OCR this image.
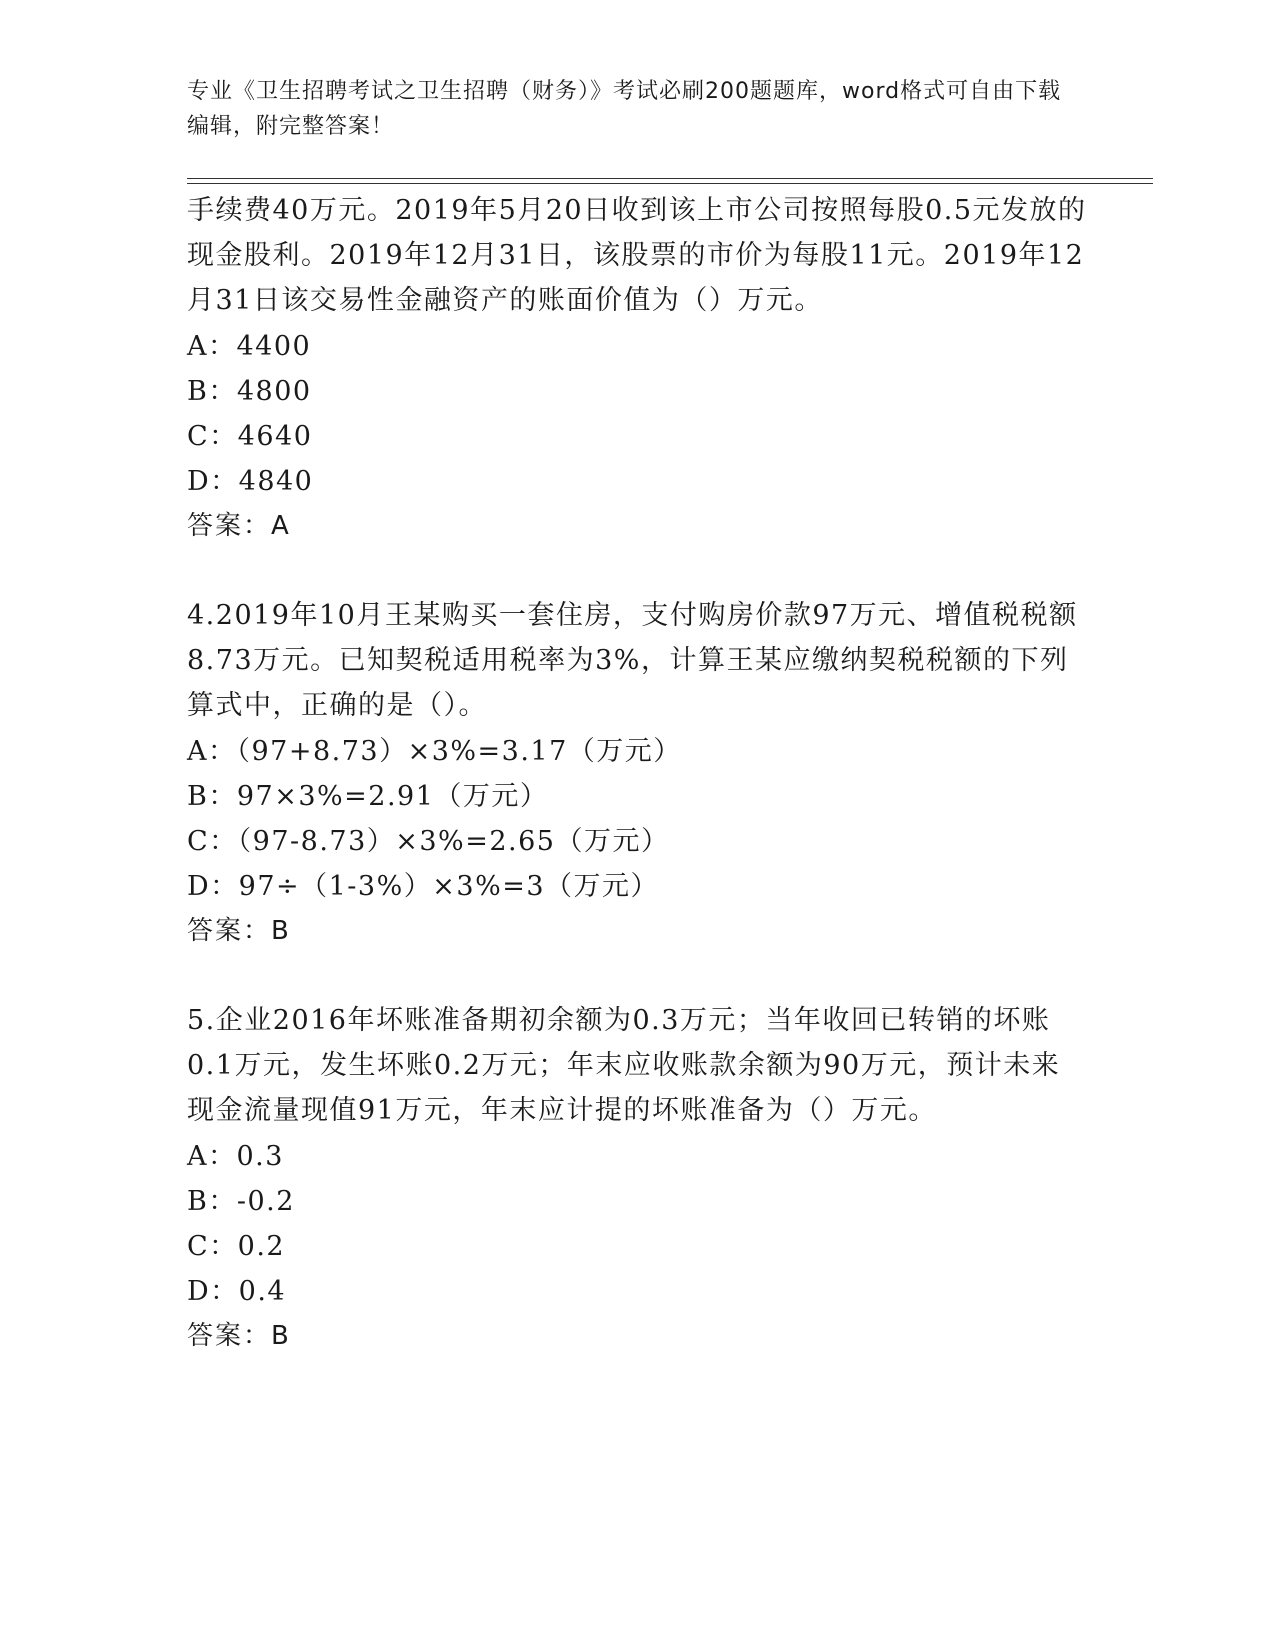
专业《卫生招聘考试之卫生招聘（财务）》考试必刷200题题库，word格式可自由下载编辑，附完整答案！
手续费40万元。2019年5月20日收到该上市公司按照每股0.5元发放的现金股利。2019年12月31日，该股票的市价为每股11元。2019年12月31日该交易性金融资产的账面价值为（）万元。
A：4400
B：4800
C：4640
D：4840
答案：A
4.2019年10月王某购买一套住房，支付购房价款97万元、增值税税额8.73万元。已知契税适用税率为3%，计算王某应缴纳契税税额的下列算式中，正确的是（）。
A：（97+8.73）×3%=3.17（万元）
B：97×3%=2.91（万元）
C：（97-8.73）×3%=2.65（万元）
D：97÷（1-3%）×3%=3（万元）
答案：B
5.企业2016年坏账准备期初余额为0.3万元；当年收回已转销的坏账0.1万元，发生坏账0.2万元；年末应收账款余额为90万元，预计未来现金流量现值91万元，年末应计提的坏账准备为（）万元。
A：0.3
B：-0.2
C：0.2
D：0.4
答案：B
